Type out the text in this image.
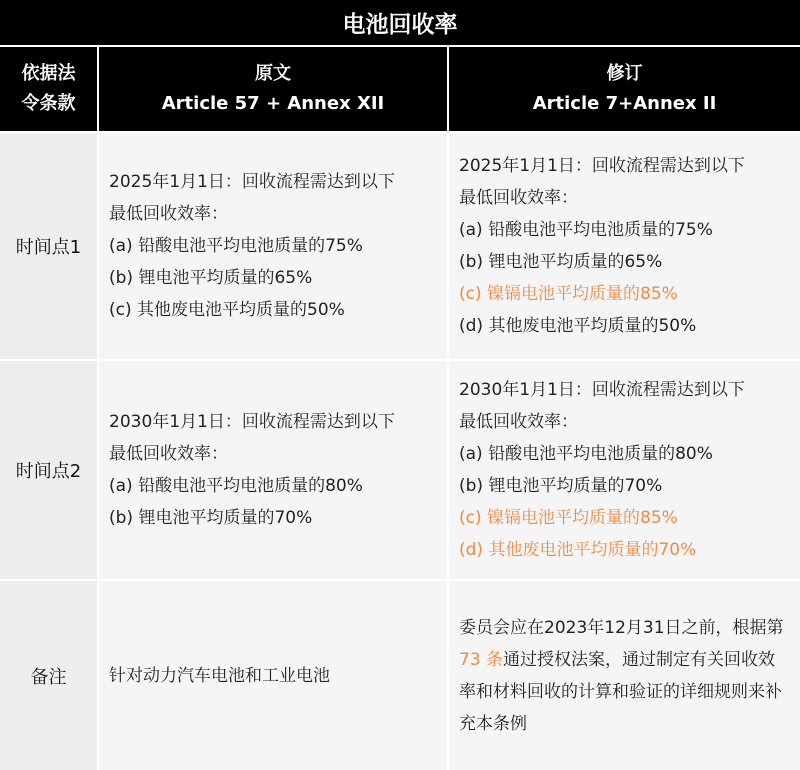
电池回收率
依据法
令条款
原文
Article 57 + Annex XII
修订
Article 7+Annex II
时间点1
2025年1月1日：回收流程需达到以下
最低回收效率：
(a) 铅酸电池平均电池质量的75%
(b) 锂电池平均质量的65%
(c) 其他废电池平均质量的50%
2025年1月1日：回收流程需达到以下
最低回收效率：
(a) 铅酸电池平均电池质量的75%
(b) 锂电池平均质量的65%
(c) 镍镉电池平均质量的85%
(d) 其他废电池平均质量的50%
时间点2
2030年1月1日：回收流程需达到以下
最低回收效率：
(a) 铅酸电池平均电池质量的80%
(b) 锂电池平均质量的70%
2030年1月1日：回收流程需达到以下
最低回收效率：
(a) 铅酸电池平均电池质量的80%
(b) 锂电池平均质量的70%
(c) 镍镉电池平均质量的85%
(d) 其他废电池平均质量的70%
备注	针对动力汽车电池和工业电池
委员会应在2023年12月31日之前，根据第 73 条通过授权法案，通过制定有关回收效率和材料回收的计算和验证的详细规则来补充本条例
